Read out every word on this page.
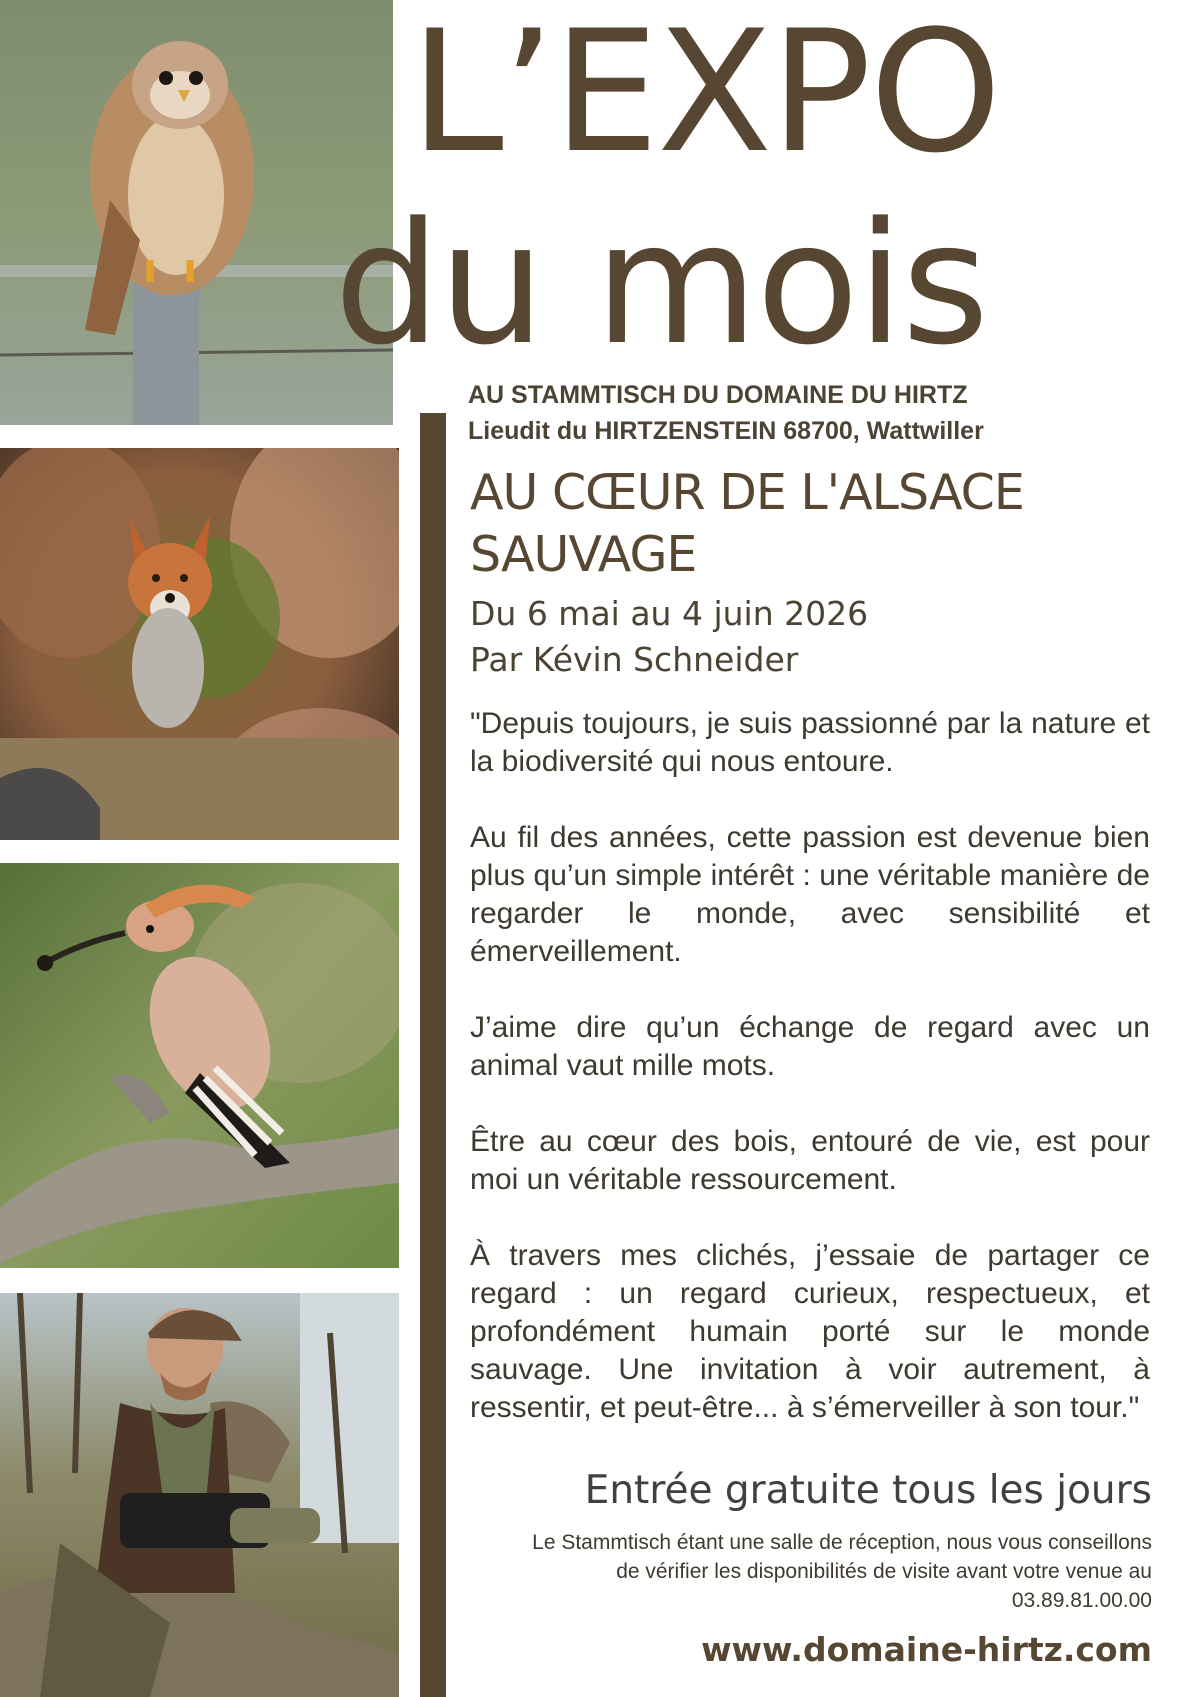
L’EXPO
du mois
AU STAMMTISCH DU DOMAINE DU HIRTZ
Lieudit du HIRTZENSTEIN 68700, Wattwiller
AU CŒUR DE L'ALSACE
SAUVAGE
Du 6 mai au 4 juin 2026
Par Kévin Schneider

"Depuis toujours, je suis passionné par la nature et la biodiversité qui nous entoure.

Au fil des années, cette passion est devenue bien plus qu’un simple intérêt : une véritable manière de regarder le monde, avec sensibilité et émerveillement.

J’aime dire qu’un échange de regard avec un animal vaut mille mots.

Être au cœur des bois, entouré de vie, est pour moi un véritable ressourcement.

À travers mes clichés, j’essaie de partager ce regard : un regard curieux, respectueux, et profondément humain porté sur le monde sauvage. Une invitation à voir autrement, à ressentir, et peut-être... à s’émerveiller à son tour."

Entrée gratuite tous les jours
Le Stammtisch étant une salle de réception, nous vous conseillons de vérifier les disponibilités de visite avant votre venue au 03.89.81.00.00
www.domaine-hirtz.com
